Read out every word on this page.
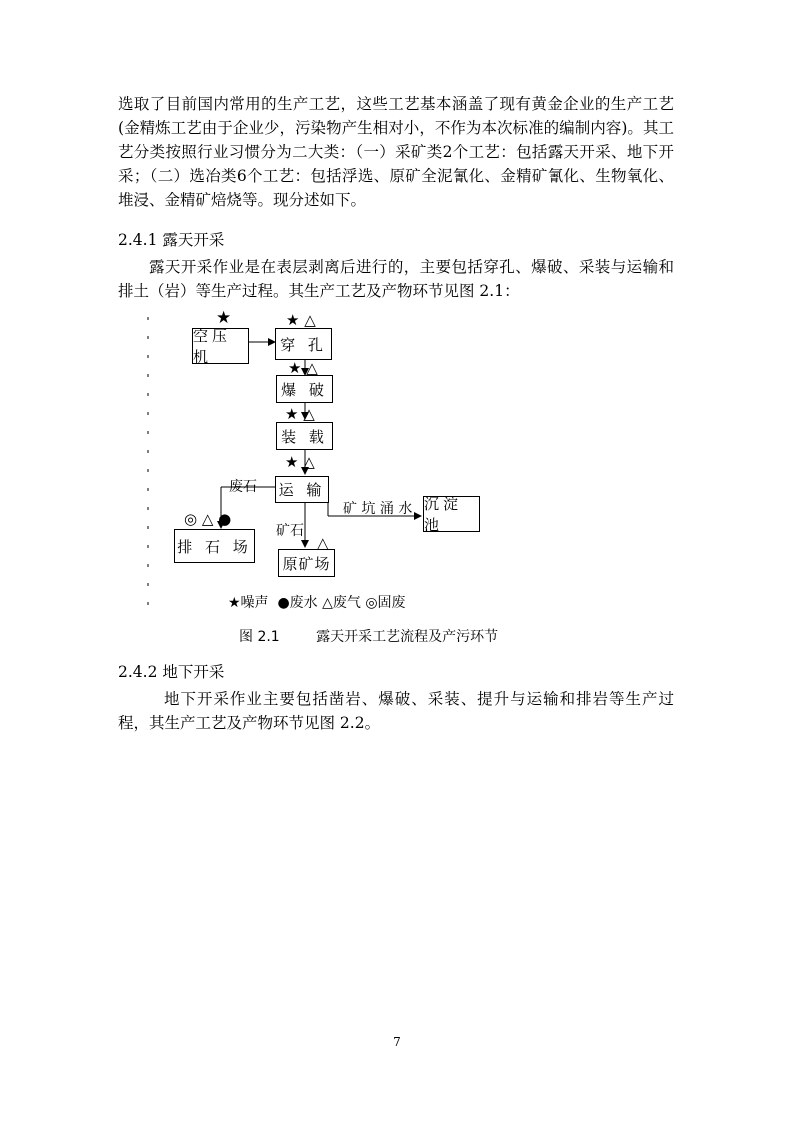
选取了目前国内常用的生产工艺，这些工艺基本涵盖了现有黄金企业的生产工艺(金精炼工艺由于企业少，污染物产生相对小，不作为本次标准的编制内容)。其工艺分类按照行业习惯分为二大类：（一）采矿类2个工艺：包括露天开采、地下开采；（二）选冶类6个工艺：包括浮选、原矿全泥氰化、金精矿氰化、生物氧化、堆浸、金精矿焙烧等。现分述如下。
2.4.1 露天开采
露天开采作业是在表层剥离后进行的，主要包括穿孔、爆破、采装与运输和排土（岩）等生产过程。其生产工艺及产物环节见图 2.1：
空压机
穿 孔
爆 破
装 载
运 输
沉淀池
排 石 场
原矿场
废石
矿石
矿 坑 涌 水
★	★ △
★ △
★ △
★ △
◎ △ ●
△
★噪声  ●废水 △废气 ◎固废
图 2.1	露天开采工艺流程及产污环节
2.4.2 地下开采
地下开采作业主要包括凿岩、爆破、采装、提升与运输和排岩等生产过程，其生产工艺及产物环节见图 2.2。
7
